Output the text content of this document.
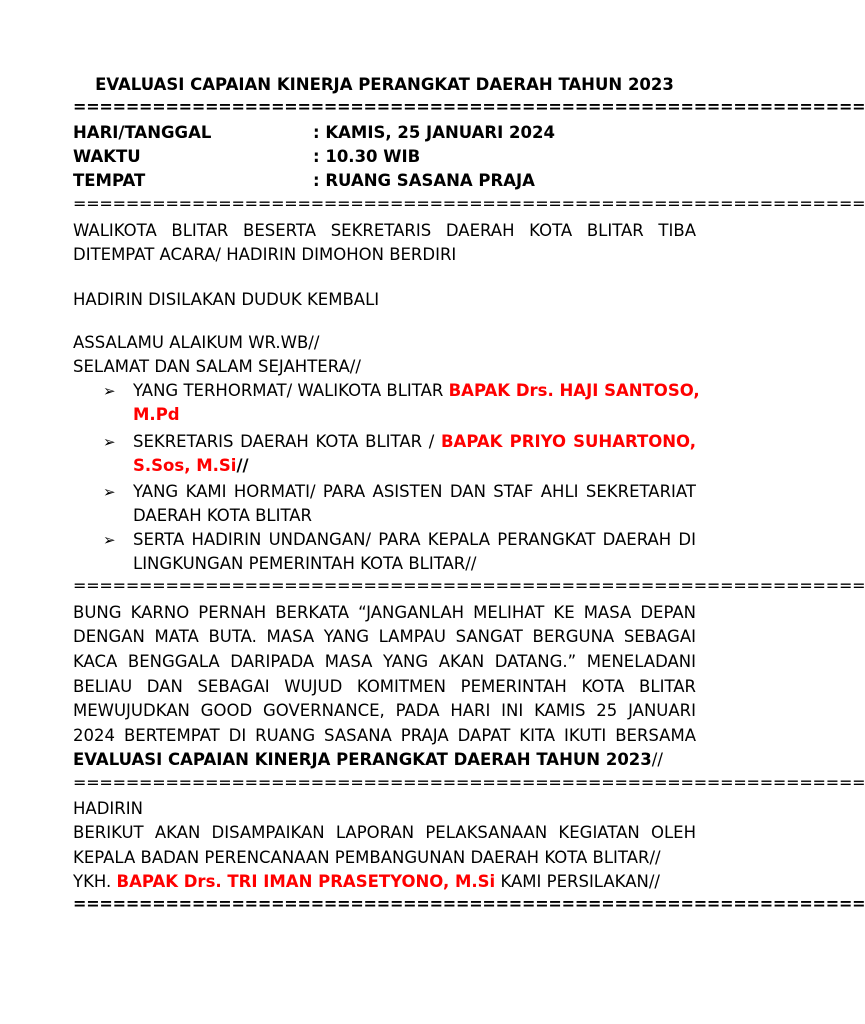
EVALUASI CAPAIAN KINERJA PERANGKAT DAERAH TAHUN 2023
============================================================
HARI/TANGGAL	: KAMIS, 25 JANUARI 2024
WAKTU	: 10.30 WIB
TEMPAT	: RUANG SASANA PRAJA
============================================================
WALIKOTA BLITAR BESERTA SEKRETARIS DAERAH KOTA BLITAR TIBA
DITEMPAT ACARA/ HADIRIN DIMOHON BERDIRI
HADIRIN DISILAKAN DUDUK KEMBALI
ASSALAMU ALAIKUM WR.WB//
SELAMAT DAN SALAM SEJAHTERA//
➢ YANG TERHORMAT/ WALIKOTA BLITAR BAPAK Drs. HAJI SANTOSO,
M.Pd
➢ SEKRETARIS DAERAH KOTA BLITAR / BAPAK PRIYO SUHARTONO,
S.Sos, M.Si//
➢ YANG KAMI HORMATI/ PARA ASISTEN DAN STAF AHLI SEKRETARIAT
DAERAH KOTA BLITAR
➢ SERTA HADIRIN UNDANGAN/ PARA KEPALA PERANGKAT DAERAH DI
LINGKUNGAN PEMERINTAH KOTA BLITAR//
============================================================
BUNG KARNO PERNAH BERKATA “JANGANLAH MELIHAT KE MASA DEPAN
DENGAN MATA BUTA. MASA YANG LAMPAU SANGAT BERGUNA SEBAGAI
KACA BENGGALA DARIPADA MASA YANG AKAN DATANG.” MENELADANI
BELIAU DAN SEBAGAI WUJUD KOMITMEN PEMERINTAH KOTA BLITAR
MEWUJUDKAN GOOD GOVERNANCE, PADA HARI INI KAMIS 25 JANUARI
2024 BERTEMPAT DI RUANG SASANA PRAJA DAPAT KITA IKUTI BERSAMA
EVALUASI CAPAIAN KINERJA PERANGKAT DAERAH TAHUN 2023//
============================================================
HADIRIN
BERIKUT AKAN DISAMPAIKAN LAPORAN PELAKSANAAN KEGIATAN OLEH
KEPALA BADAN PERENCANAAN PEMBANGUNAN DAERAH KOTA BLITAR//
YKH. BAPAK Drs. TRI IMAN PRASETYONO, M.Si KAMI PERSILAKAN//
============================================================
